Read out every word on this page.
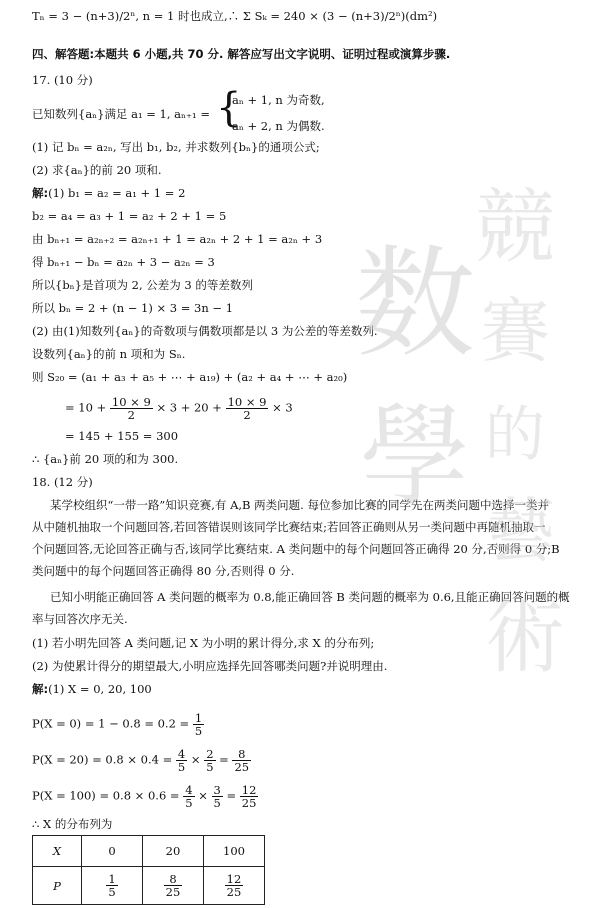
Tₙ = 3 − (n+3)/2ⁿ, n = 1 时也成立,∴ Σ Sₖ = 240 × (3 − (n+3)/2ⁿ)(dm²)
四、解答题:本题共 6 小题,共 70 分. 解答应写出文字说明、证明过程或演算步骤.
17. (10 分)
已知数列{aₙ}满足 a₁ = 1, aₙ₊₁ = {
aₙ + 1, n 为奇数,
aₙ + 2, n 为偶数.
(1) 记 bₙ = a₂ₙ, 写出 b₁, b₂, 并求数列{bₙ}的通项公式;
(2) 求{aₙ}的前 20 项和.
解:(1) b₁ = a₂ = a₁ + 1 = 2
b₂ = a₄ = a₃ + 1 = a₂ + 2 + 1 = 5
由 bₙ₊₁ = a₂ₙ₊₂ = a₂ₙ₊₁ + 1 = a₂ₙ + 2 + 1 = a₂ₙ + 3
得 bₙ₊₁ − bₙ = a₂ₙ + 3 − a₂ₙ = 3
所以{bₙ}是首项为 2, 公差为 3 的等差数列
所以 bₙ = 2 + (n − 1) × 3 = 3n − 1
(2) 由(1)知数列{aₙ}的奇数项与偶数项都是以 3 为公差的等差数列.
设数列{aₙ}的前 n 项和为 Sₙ.
则 S₂₀ = (a₁ + a₃ + a₅ + ⋯ + a₁₉) + (a₂ + a₄ + ⋯ + a₂₀)
= $10 + \frac{10 \times 9}{2} \times 3 + 20 + \frac{10 \times 9}{2} \times 3$
= 145 + 155 = 300
∴ {aₙ}前 20 项的和为 300.
18. (12 分)
某学校组织“一带一路”知识竞赛,有 A,B 两类问题. 每位参加比赛的同学先在两类问题中选择一类并
从中随机抽取一个问题回答,若回答错误则该同学比赛结束;若回答正确则从另一类问题中再随机抽取一
个问题回答,无论回答正确与否,该同学比赛结束. A 类问题中的每个问题回答正确得 20 分,否则得 0 分;B
类问题中的每个问题回答正确得 80 分,否则得 0 分.
已知小明能正确回答 A 类问题的概率为 0.8,能正确回答 B 类问题的概率为 0.6,且能正确回答问题的概
率与回答次序无关.
(1) 若小明先回答 A 类问题,记 X 为小明的累计得分,求 X 的分布列;
(2) 为使累计得分的期望最大,小明应选择先回答哪类问题?并说明理由.
解:(1) X = 0, 20, 100
$P(X = 0) = 1 - 0.8 = 0.2 = \frac{1}{5}$
$P(X = 20) = 0.8 \times 0.4 = \frac{4}{5} \times \frac{2}{5} = \frac{8}{25}$
$P(X = 100) = 0.8 \times 0.6 = \frac{4}{5} \times \frac{3}{5} = \frac{12}{25}$
∴ X 的分布列为
X	0	20	100
P	$\frac{1}{5}$	$\frac{8}{25}$	$\frac{12}{25}$
数
學
競
賽
的
藝
術
